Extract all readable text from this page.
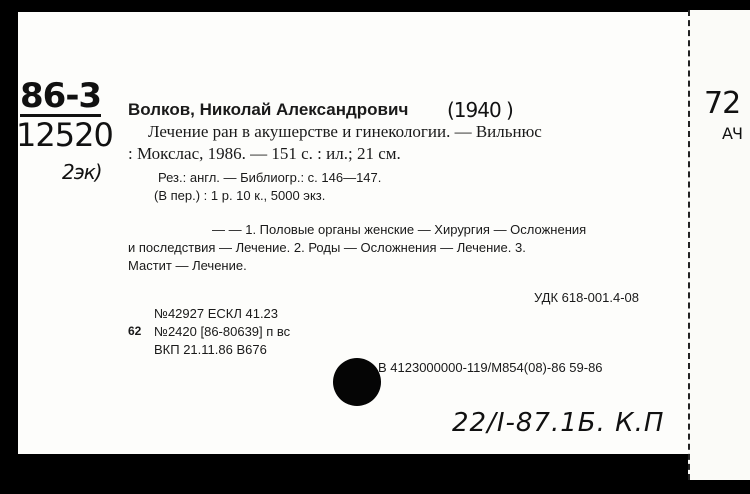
86-3
12520
2эк)
(1940 )
22/I-87.1Б. К.П
72
АЧ
Волков, Николай Александрович
Лечение ран в акушерстве и гинекологии. — Вильнюс
: Мокслас, 1986. — 151 с. : ил.; 21 см.
Рез.: англ. — Библиогр.: с. 146—147.
(В пер.) : 1 р. 10 к., 5000 экз.
— — 1. Половые органы женские — Хирургия — Осложнения
и последствия — Лечение. 2. Роды — Осложнения — Лечение. 3.
Мастит — Лечение.
УДК 618-001.4-08
№42927 ЕСКЛ 41.23
62 №2420 [86-80639] п вс
ВКП 21.11.86 В676
В 4123000000-119/М854(08)-86 59-86
